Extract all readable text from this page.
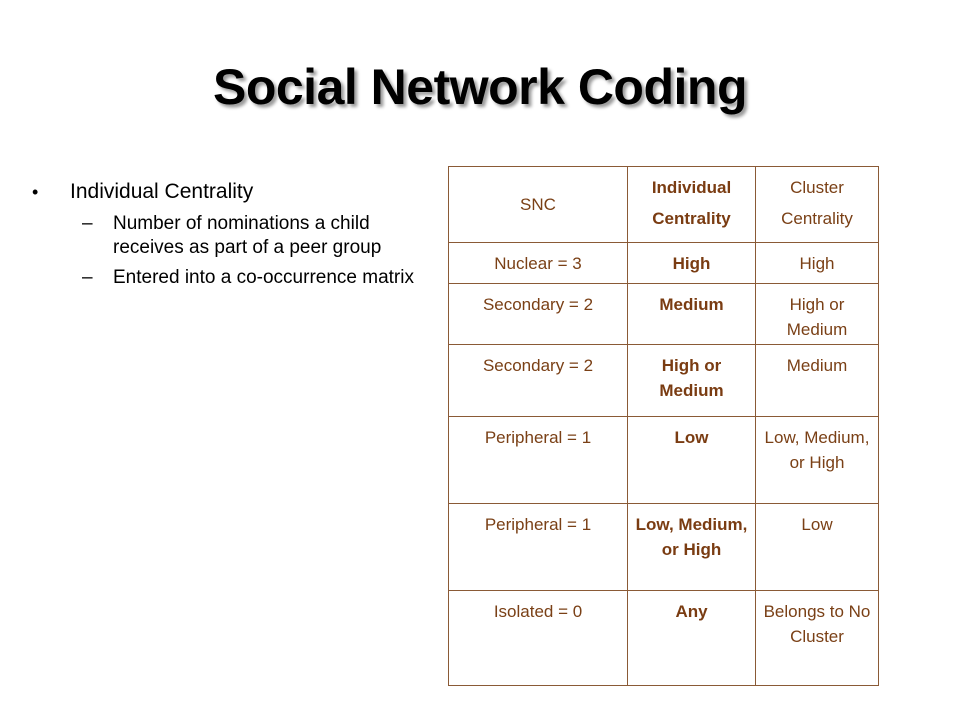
Social Network Coding
•	Individual Centrality
–	Number of nominations a child receives as part of a peer group
–	Entered into a co-occurrence matrix
SNC	Individual Centrality	Cluster Centrality
Nuclear = 3	High	High
Secondary = 2	Medium	High or Medium
Secondary = 2	High or Medium	Medium
Peripheral = 1	Low	Low, Medium, or High
Peripheral = 1	Low, Medium, or High	Low
Isolated = 0	Any	Belongs to No Cluster
